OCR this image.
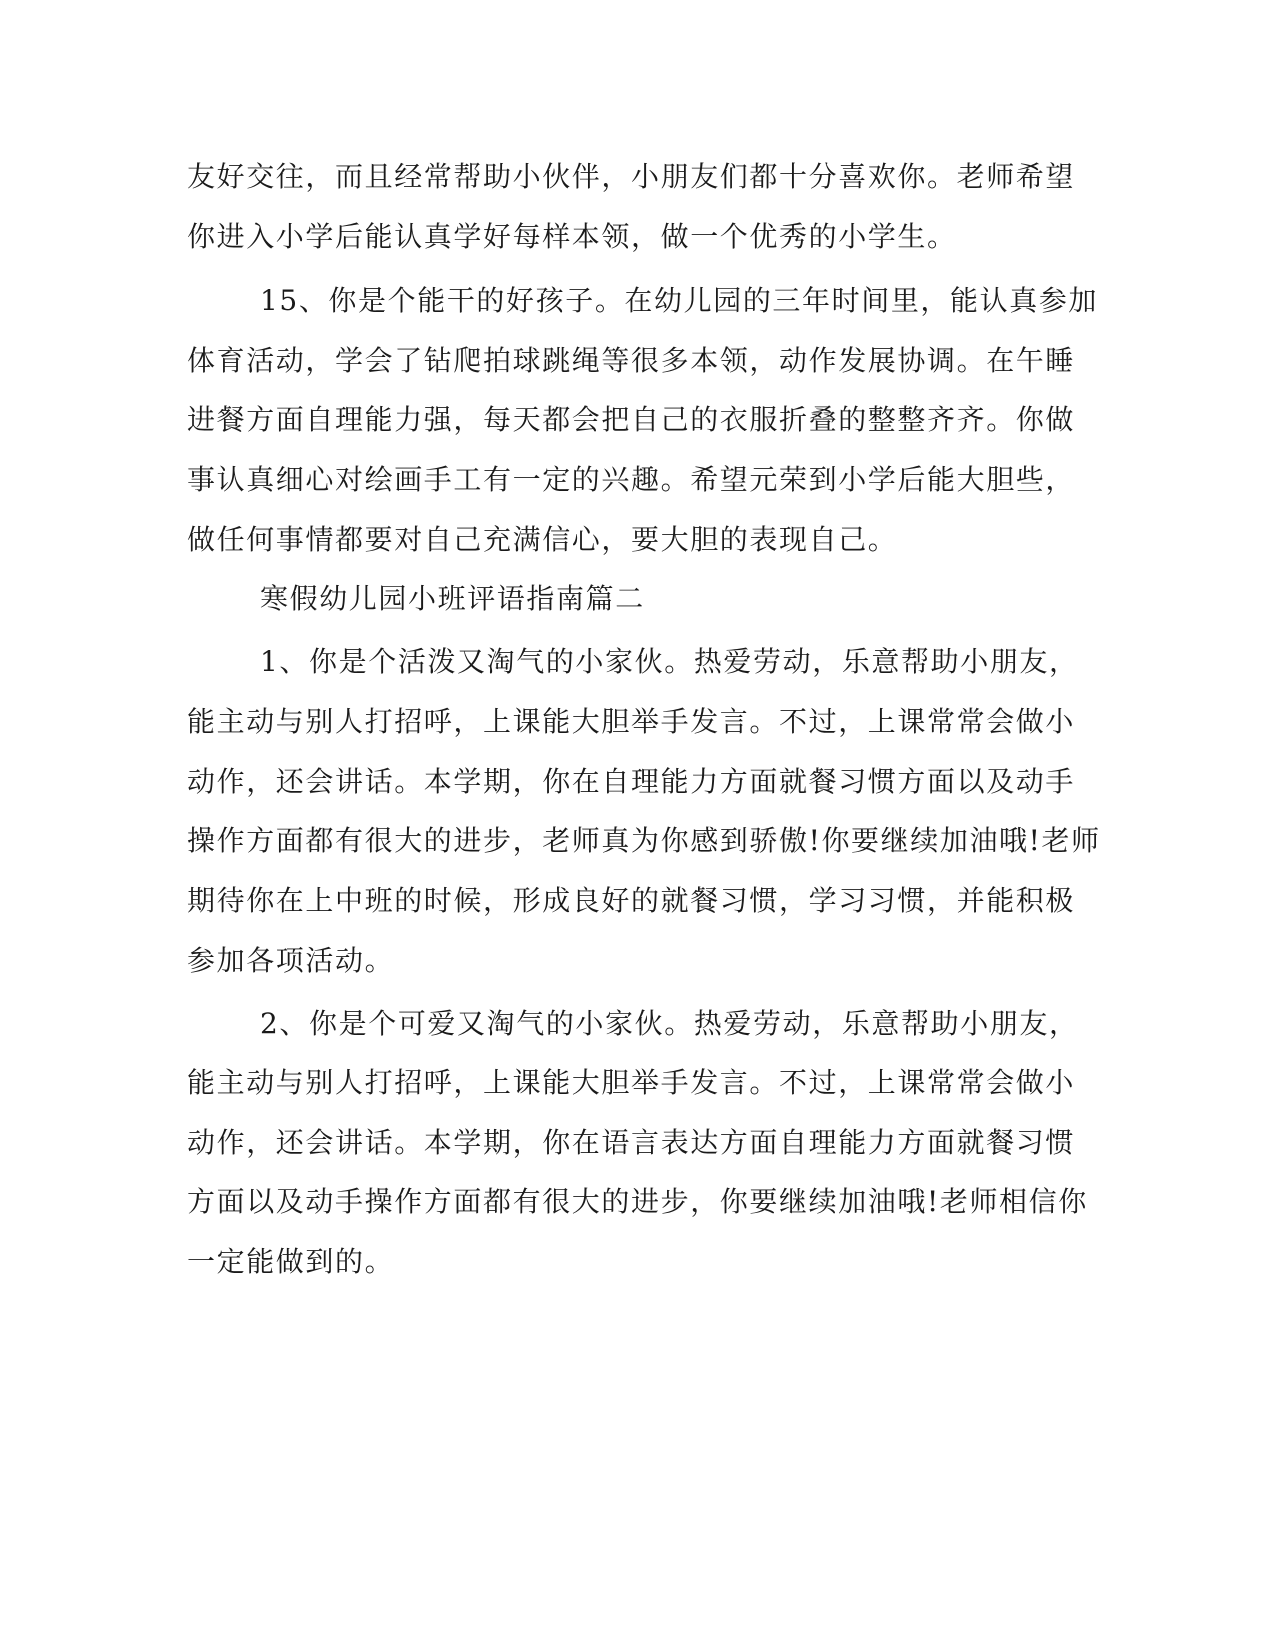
友好交往，而且经常帮助小伙伴，小朋友们都十分喜欢你。老师希望
你进入小学后能认真学好每样本领，做一个优秀的小学生。
15、你是个能干的好孩子。在幼儿园的三年时间里，能认真参加
体育活动，学会了钻爬拍球跳绳等很多本领，动作发展协调。在午睡
进餐方面自理能力强，每天都会把自己的衣服折叠的整整齐齐。你做
事认真细心对绘画手工有一定的兴趣。希望元荣到小学后能大胆些，
做任何事情都要对自己充满信心，要大胆的表现自己。
寒假幼儿园小班评语指南篇二
1、你是个活泼又淘气的小家伙。热爱劳动，乐意帮助小朋友，
能主动与别人打招呼，上课能大胆举手发言。不过，上课常常会做小
动作，还会讲话。本学期，你在自理能力方面就餐习惯方面以及动手
操作方面都有很大的进步，老师真为你感到骄傲!你要继续加油哦!老师
期待你在上中班的时候，形成良好的就餐习惯，学习习惯，并能积极
参加各项活动。
2、你是个可爱又淘气的小家伙。热爱劳动，乐意帮助小朋友，
能主动与别人打招呼，上课能大胆举手发言。不过，上课常常会做小
动作，还会讲话。本学期，你在语言表达方面自理能力方面就餐习惯
方面以及动手操作方面都有很大的进步，你要继续加油哦!老师相信你
一定能做到的。
